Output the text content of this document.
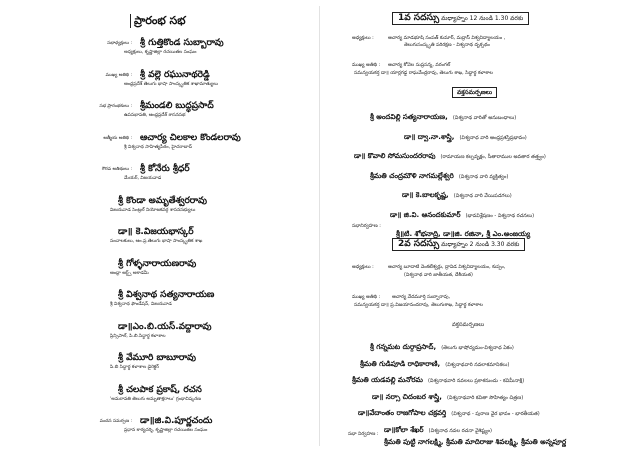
ప్రారంభ సభ
సభాధ్యక్షులు : శ్రీ గుత్తికొండ సుబ్బారావు
అధ్యక్షులు, కృష్ణాజిల్లా రచయితల సంఘం
ముఖ్య అతిథి : శ్రీ వల్లె రఘునాథరెడ్డి
ఆంధ్రప్రదేశ్ తెలుగు భాషా సాంస్కృతిక శాఖామాత్యులు
సభ ప్రారంభకులు : శ్రీమండలి బుద్ధప్రసాద్
ఉపసభాపతి, ఆంధ్రప్రదేశ్ శాసనసభ
ఆత్మీయ అతిథి : ఆచార్య చిలకాల కొండలరావు
శ్రీ విశ్వనాథ సాహిత్యపీఠం, హైదరాబాద్
గౌరవ అతిథులు : శ్రీ కోనేరు శ్రీధర్
మేయర్, విజయవాడ
శ్రీ కొండా అమృతేశ్వరరావు
విజయవాడ సెంట్రల్ నియోజకవర్గ శాసనసభ్యులు
డా॥ కె.విజయభాస్కర్
సంచాలకులు, ఆం.ప్ర.తెలుగు భాషా సాంస్కృతిక శాఖ
శ్రీ గోళ్ళనారాయణరావు
ఆంధ్రా ఆర్ట్స్ అకాడమీ
శ్రీ విశ్వనాథ సత్యనారాయణ
శ్రీ విశ్వనాథ ఫౌండేషన్, విజయవాడ
డా॥ఎం.బి.యస్.వద్దారావు
ప్రిన్సిపాల్, పి.బి.సిద్ధార్థ కళాశాల
శ్రీ వేమూరి బాబూరావు
పి.బి సిద్ధార్థ కళాశాల డైరెక్టర్
శ్రీ చలపాక ప్రకాష్, రచన
'అమరావతి తెలుగు అమృతాక్షరాలు' గ్రంథావిష్కరణ
వందన సమర్పణ : డా॥జి.వి.పూర్ణచందు
ప్రధాన కార్యదర్శి, కృష్ణాజిల్లా రచయితల సంఘం
1వ సదస్సు మధ్యాహ్నం 12 నుండి 1.30 వరకు
అధ్యక్షులు :	ఆచార్య మాడభూషి సంపత్ కుమార్, మద్రాస్ విశ్వవిద్యాలయం ,
తెలుగుసంస్కృతి పరిరక్షణ - విశ్వనాథ దృక్పథం
ముఖ్య అతిథి : ఆచార్య కోవెల సుప్రసన్న, వరంగల్
సమన్వయకర్త డా॥ యార్లగడ్డ రాఘవేంద్రరావు, తెలుగు శాఖ, సిద్ధార్థ కళాశాల
వక్తసమర్పణలు
శ్రీ అందవిల్లి సత్యనారాయణ, (విశ్వనాథ వారితో అనుబంధాలు)
డా॥ ద్వా.నా.శాస్త్రి, (విశ్వనాథ వారి ఆంధ్రప్రశస్తిప్రభావం)
డా॥ కొవాలి సోమసుందరరావు (రామాయణ కల్పవృక్షం, సీతారాముల అవతార తత్త్వం)
శ్రీమతి చంద్రమౌళి నాగమల్లేశ్వరి (విశ్వనాథ వారి వ్యక్తిత్వం)
డా॥ కె.బాలకృష్ణ, (విశ్వనాథ వారి వేయిపడగలు)
డా॥ జి.వి. ఆనందకుమార్ (భావవిశ్లేషణం - విశ్వనాథ రచనలు)
సభానిర్వహణ :
శ్రీ॥టి. శోభనాద్రి, డా॥జి. రజినా, శ్రీ ఎం.అంజయ్య
2వ సదస్సు మధ్యాహ్నం 2 నుండి 3.30 వరకు
అధ్యక్షులు :	ఆచార్య బూదాటి వెంకటేశ్వర్లు, ద్రావిడ విశ్వవిద్యాలయం, కుప్పం,
(విశ్వనాథ వారి జాతీయత, దేశీయత)
ముఖ్య అతిథి : ఆచార్య వేదమూర్తి సుబ్బారావు,
సమన్వయకర్త డా॥ ప్ర.విజయానందరావు, తెలుగుశాఖ, సిద్ధార్థ కళాశాల
వక్తసమర్పణలు
శ్రీ గన్నమట దుర్గాప్రసాద్, (తెలుగు భాషోద్యమం-విశ్వనాథ ఏకం)
శ్రీమతి గుడిపూడి రాధికారాణి, (విశ్వనాథవారి నవలాకమానికలు)
శ్రీమతి యడవల్లి మనోరమ (విశ్వనాథవారి నవలలు ప్రకాశనుందు - కవిమీనాక్షి)
డా॥ నర్సా చిదంబర శాస్త్రి, (విశ్వనాథవారి కవితా సౌహిత్యం చిత్రణ)
డా॥వేదాంతం రాజగోపాల చక్రవర్తి (విశ్వనాథ - పురాణ వైర భావం - భారతీయత)
డా॥కోలా శేఖర్ (విశ్వనాథ నవల రచనా వైశిష్ట్యం)
సభా నిర్వహణ :
శ్రీమతి పుట్టి నాగలక్ష్మి, శ్రీమతి మాదిరాజు శివలక్ష్మి, శ్రీమతి అన్నపూర్ణ
